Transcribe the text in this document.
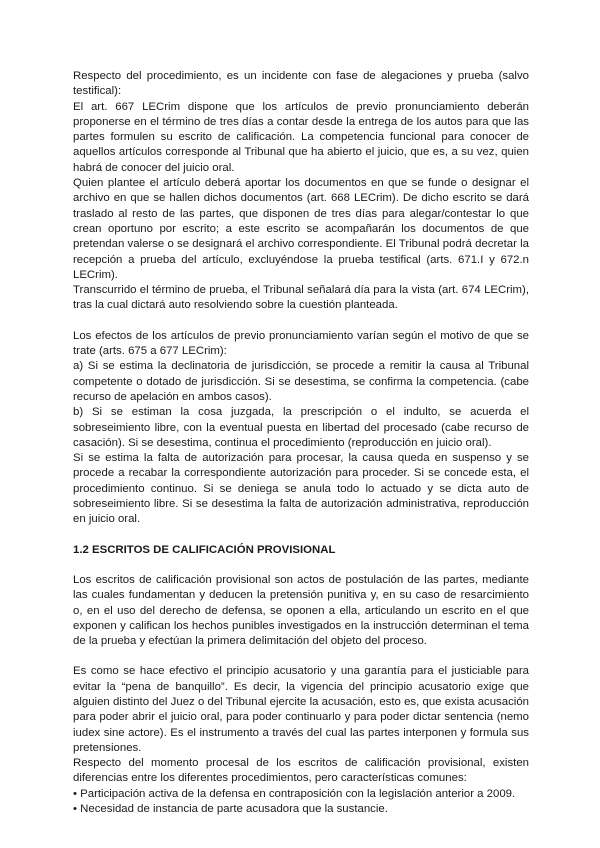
Respecto del procedimiento, es un incidente con fase de alegaciones y prueba (salvo testifical):

El art. 667 LECrim dispone que los artículos de previo pronunciamiento deberán proponerse en el término de tres días a contar desde la entrega de los autos para que las partes formulen su escrito de calificación. La competencia funcional para conocer de aquellos artículos corresponde al Tribunal que ha abierto el juicio, que es, a su vez, quien habrá de conocer del juicio oral.

Quien plantee el artículo deberá aportar los documentos en que se funde o designar el archivo en que se hallen dichos documentos (art. 668 LECrim). De dicho escrito se dará traslado al resto de las partes, que disponen de tres días para alegar/contestar lo que crean oportuno por escrito; a este escrito se acompañarán los documentos de que pretendan valerse o se designará el archivo correspondiente. El Tribunal podrá decretar la recepción a prueba del artículo, excluyéndose la prueba testifical (arts. 671.I y 672.n LECrim).

Transcurrido el término de prueba, el Tribunal señalará día para la vista (art. 674 LECrim), tras la cual dictará auto resolviendo sobre la cuestión planteada.

Los efectos de los artículos de previo pronunciamiento varían según el motivo de que se trate (arts. 675 a 677 LECrim):

a) Si se estima la declinatoria de jurisdicción, se procede a remitir la causa al Tribunal competente o dotado de jurisdicción. Si se desestima, se confirma la competencia. (cabe recurso de apelación en ambos casos).

b) Si se estiman la cosa juzgada, la prescripción o el indulto, se acuerda el sobreseimiento libre, con la eventual puesta en libertad del procesado (cabe recurso de casación). Si se desestima, continua el procedimiento (reproducción en juicio oral).

Si se estima la falta de autorización para procesar, la causa queda en suspenso y se procede a recabar la correspondiente autorización para proceder. Si se concede esta, el procedimiento continuo. Si se deniega se anula todo lo actuado y se dicta auto de sobreseimiento libre. Si se desestima la falta de autorización administrativa, reproducción en juicio oral.

1.2 ESCRITOS DE CALIFICACIÓN PROVISIONAL

Los escritos de calificación provisional son actos de postulación de las partes, mediante las cuales fundamentan y deducen la pretensión punitiva y, en su caso de resarcimiento o, en el uso del derecho de defensa, se oponen a ella, articulando un escrito en el que exponen y califican los hechos punibles investigados en la instrucción determinan el tema de la prueba y efectúan la primera delimitación del objeto del proceso.

Es como se hace efectivo el principio acusatorio y una garantía para el justiciable para evitar la “pena de banquillo”. Es decir, la vigencia del principio acusatorio exige que alguien distinto del Juez o del Tribunal ejercite la acusación, esto es, que exista acusación para poder abrir el juicio oral, para poder continuarlo y para poder dictar sentencia (nemo iudex sine actore). Es el instrumento a través del cual las partes interponen y formula sus pretensiones.

Respecto del momento procesal de los escritos de calificación provisional, existen diferencias entre los diferentes procedimientos, pero características comunes:

• Participación activa de la defensa en contraposición con la legislación anterior a 2009.

• Necesidad de instancia de parte acusadora que la sustancie.
